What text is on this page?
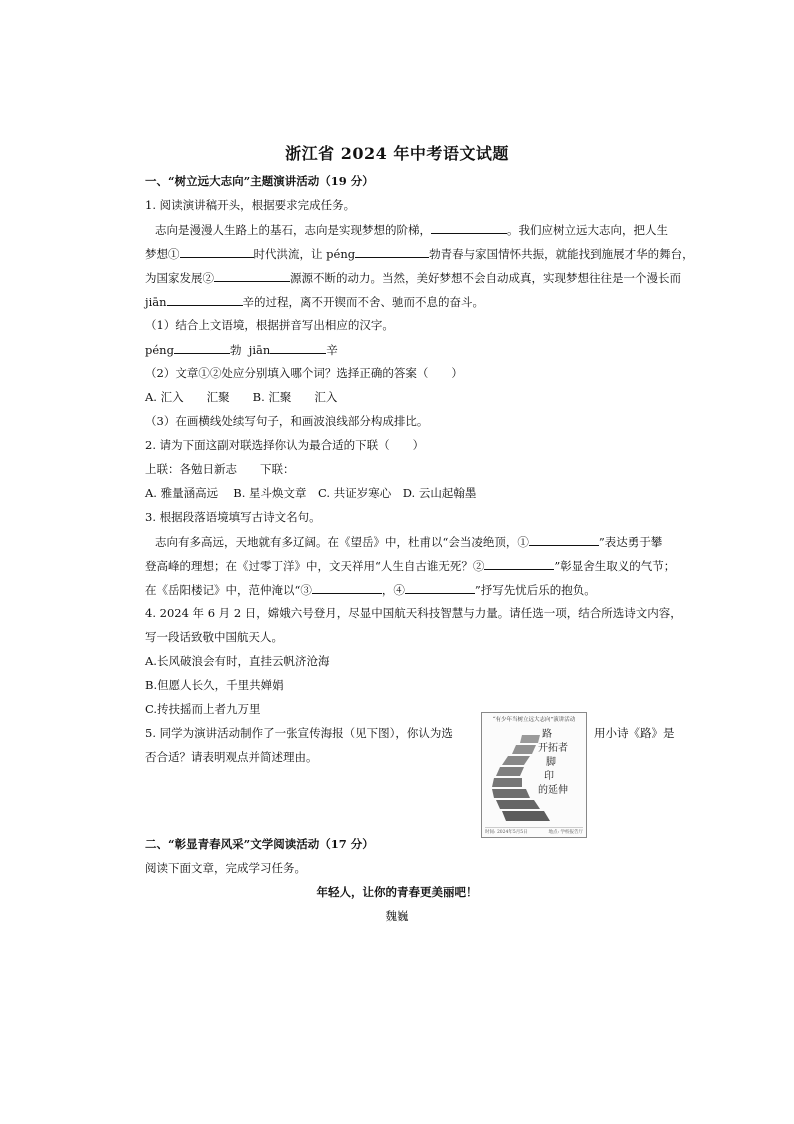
浙江省 2024 年中考语文试题
一、“树立远大志向”主题演讲活动（19 分）
1. 阅读演讲稿开头，根据要求完成任务。
志向是漫漫人生路上的基石，志向是实现梦想的阶梯，	。我们应树立远大志向，把人生
梦想①	时代洪流，让 péng	勃青春与家国情怀共振，就能找到施展才华的舞台，
为国家发展②	源源不断的动力。当然，美好梦想不会自动成真，实现梦想往往是一个漫长而
jiān	辛的过程，离不开锲而不舍、驰而不息的奋斗。
（1）结合上文语境，根据拼音写出相应的汉字。
péng	勃 jiān	辛
（2）文章①②处应分别填入哪个词？选择正确的答案（　　）
A. 汇入　　汇聚　　B. 汇聚　　汇入
（3）在画横线处续写句子，和画波浪线部分构成排比。
2. 请为下面这副对联选择你认为最合适的下联（　　）
上联：各勉日新志　　下联：
A. 雅量涵高远　 B. 星斗焕文章　C. 共证岁寒心　D. 云山起翰墨
3. 根据段落语境填写古诗文名句。
志向有多高远，天地就有多辽阔。在《望岳》中，杜甫以“会当凌绝顶，①	”表达勇于攀
登高峰的理想；在《过零丁洋》中，文天祥用“人生自古谁无死？②	”彰显舍生取义的气节；
在《岳阳楼记》中，范仲淹以“③	，④	”抒写先忧后乐的抱负。
4. 2024 年 6 月 2 日，嫦娥六号登月，尽显中国航天科技智慧与力量。请任选一项，结合所选诗文内容，
写一段话致敬中国航天人。
A.长风破浪会有时，直挂云帆济沧海
B.但愿人长久，千里共婵娟
C.抟扶摇而上者九万里
5. 同学为演讲活动制作了一张宣传海报（见下图），你认为选	用小诗《路》是
否合适？请表明观点并简述理由。
“有少年当树立远大志向”演讲活动
路
开拓者
脚
印
的延伸
时间: 2024年5月5日	地点: 学校报告厅
二、“彰显青春风采”文学阅读活动（17 分）
阅读下面文章，完成学习任务。
年轻人，让你的青春更美丽吧！
魏巍
